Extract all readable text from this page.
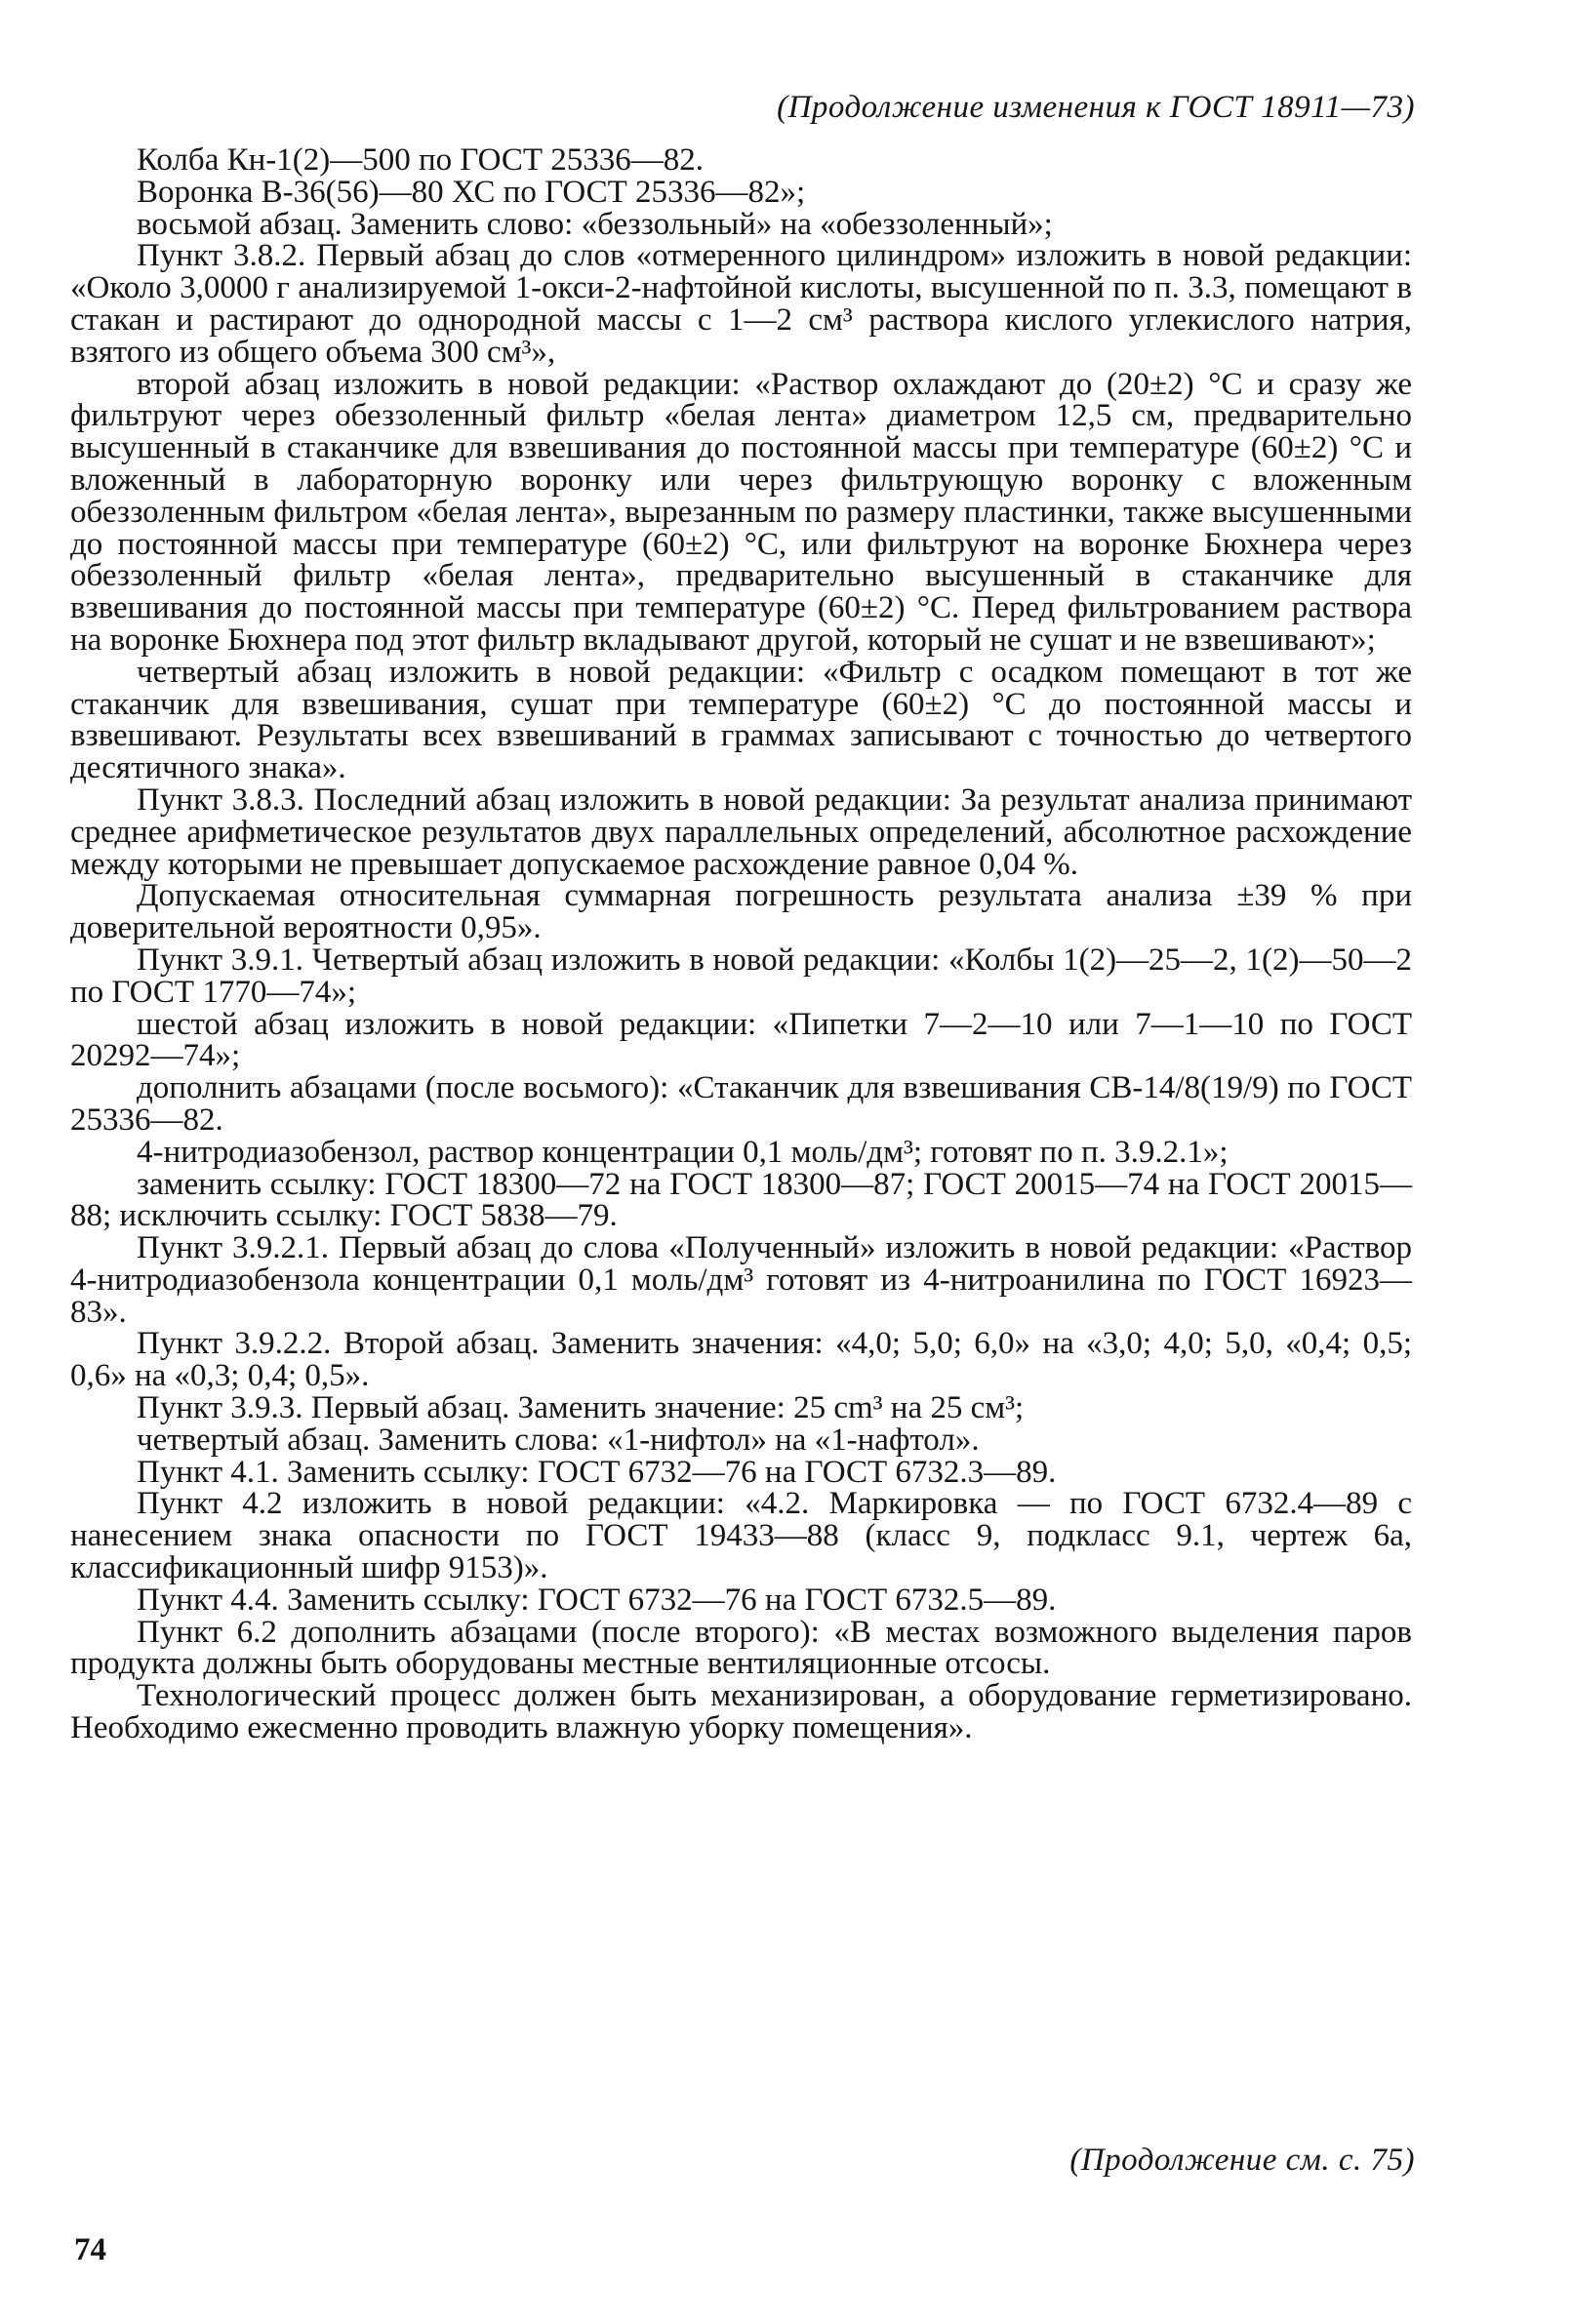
(Продолжение изменения к ГОСТ 18911—73)

Колба Кн-1(2)—500 по ГОСТ 25336—82.

Воронка В-36(56)—80 ХС по ГОСТ 25336—82»;

восьмой абзац. Заменить слово: «беззольный» на «обеззоленный»;

Пункт 3.8.2. Первый абзац до слов «отмеренного цилиндром» изложить в новой редакции: «Около 3,0000 г анализируемой 1-окси-2-нафтойной кислоты, высушенной по п. 3.3, помещают в стакан и растирают до однородной массы с 1—2 см³ раствора кислого углекислого натрия, взятого из общего объема 300 см³»,

второй абзац изложить в новой редакции: «Раствор охлаждают до (20±2) °С и сразу же фильтруют через обеззоленный фильтр «белая лента» диаметром 12,5 см, предварительно высушенный в стаканчике для взвешивания до постоянной массы при температуре (60±2) °С и вложенный в лабораторную воронку или через фильтрующую воронку с вложенным обеззоленным фильтром «белая лента», вырезанным по размеру пластинки, также высушенными до постоянной массы при температуре (60±2) °С, или фильтруют на воронке Бюхнера через обеззоленный фильтр «белая лента», предварительно высушенный в стаканчике для взвешивания до постоянной массы при температуре (60±2) °С. Перед фильтрованием раствора на воронке Бюхнера под этот фильтр вкладывают другой, который не сушат и не взвешивают»;

четвертый абзац изложить в новой редакции: «Фильтр с осадком помещают в тот же стаканчик для взвешивания, сушат при температуре (60±2) °С до постоянной массы и взвешивают. Результаты всех взвешиваний в граммах записывают с точностью до четвертого десятичного знака».

Пункт 3.8.3. Последний абзац изложить в новой редакции: За результат анализа принимают среднее арифметическое результатов двух параллельных определений, абсолютное расхождение между которыми не превышает допускаемое расхождение равное 0,04 %.

Допускаемая относительная суммарная погрешность результата анализа ±39 % при доверительной вероятности 0,95».

Пункт 3.9.1. Четвертый абзац изложить в новой редакции: «Колбы 1(2)—25—2, 1(2)—50—2 по ГОСТ 1770—74»;

шестой абзац изложить в новой редакции: «Пипетки 7—2—10 или 7—1—10 по ГОСТ 20292—74»;

дополнить абзацами (после восьмого): «Стаканчик для взвешивания СВ-14/8(19/9) по ГОСТ 25336—82.

4-нитродиазобензол, раствор концентрации 0,1 моль/дм³; готовят по п. 3.9.2.1»;

заменить ссылку: ГОСТ 18300—72 на ГОСТ 18300—87; ГОСТ 20015—74 на ГОСТ 20015—88; исключить ссылку: ГОСТ 5838—79.

Пункт 3.9.2.1. Первый абзац до слова «Полученный» изложить в новой редакции: «Раствор 4-нитродиазобензола концентрации 0,1 моль/дм³ готовят из 4-нитроанилина по ГОСТ 16923—83».

Пункт 3.9.2.2. Второй абзац. Заменить значения: «4,0; 5,0; 6,0» на «3,0; 4,0; 5,0, «0,4; 0,5; 0,6» на «0,3; 0,4; 0,5».

Пункт 3.9.3. Первый абзац. Заменить значение: 25 cm³ на 25 см³;

четвертый абзац. Заменить слова: «1-нифтол» на «1-нафтол».

Пункт 4.1. Заменить ссылку: ГОСТ 6732—76 на ГОСТ 6732.3—89.

Пункт 4.2 изложить в новой редакции: «4.2. Маркировка — по ГОСТ 6732.4—89 с нанесением знака опасности по ГОСТ 19433—88 (класс 9, подкласс 9.1, чертеж 6а, классификационный шифр 9153)».

Пункт 4.4. Заменить ссылку: ГОСТ 6732—76 на ГОСТ 6732.5—89.

Пункт 6.2 дополнить абзацами (после второго): «В местах возможного выделения паров продукта должны быть оборудованы местные вентиляционные отсосы.

Технологический процесс должен быть механизирован, а оборудование герметизировано. Необходимо ежесменно проводить влажную уборку помещения».

(Продолжение см. с. 75)
74
